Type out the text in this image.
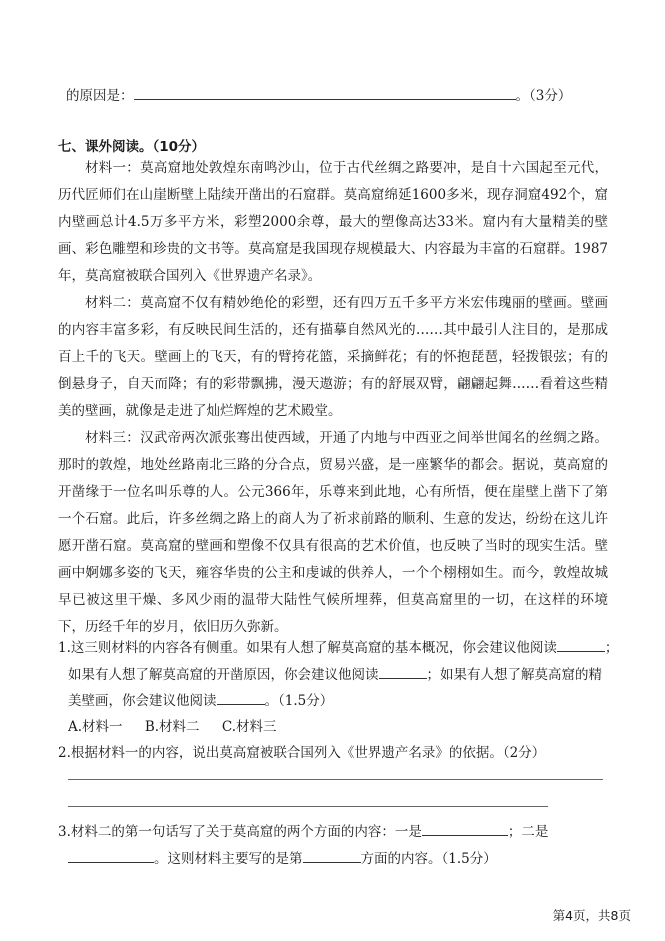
的原因是：	。（3分）
七、课外阅读。（10分）

材料一：莫高窟地处敦煌东南鸣沙山，位于古代丝绸之路要冲，是自十六国起至元代，历代匠师们在山崖断壁上陆续开凿出的石窟群。莫高窟绵延1600多米，现存洞窟492个，窟内壁画总计4.5万多平方米，彩塑2000余尊，最大的塑像高达33米。窟内有大量精美的壁画、彩色雕塑和珍贵的文书等。莫高窟是我国现存规模最大、内容最为丰富的石窟群。1987年，莫高窟被联合国列入《世界遗产名录》。

材料二：莫高窟不仅有精妙绝伦的彩塑，还有四万五千多平方米宏伟瑰丽的壁画。壁画的内容丰富多彩，有反映民间生活的，还有描摹自然风光的……其中最引人注目的，是那成百上千的飞天。壁画上的飞天，有的臂挎花篮，采摘鲜花；有的怀抱琵琶，轻拨银弦；有的倒悬身子，自天而降；有的彩带飘拂，漫天遨游；有的舒展双臂，翩翩起舞……看着这些精美的壁画，就像是走进了灿烂辉煌的艺术殿堂。

材料三：汉武帝两次派张骞出使西域，开通了内地与中西亚之间举世闻名的丝绸之路。那时的敦煌，地处丝路南北三路的分合点，贸易兴盛，是一座繁华的都会。据说，莫高窟的开凿缘于一位名叫乐尊的人。公元366年，乐尊来到此地，心有所悟，便在崖壁上凿下了第一个石窟。此后，许多丝绸之路上的商人为了祈求前路的顺利、生意的发达，纷纷在这儿许愿开凿石窟。莫高窟的壁画和塑像不仅具有很高的艺术价值，也反映了当时的现实生活。壁画中婀娜多姿的飞天，雍容华贵的公主和虔诚的供养人，一个个栩栩如生。而今，敦煌故城早已被这里干燥、多风少雨的温带大陆性气候所埋葬，但莫高窟里的一切，在这样的环境下，历经千年的岁月，依旧历久弥新。

1.这三则材料的内容各有侧重。如果有人想了解莫高窟的基本概况，你会建议他阅读	；
如果有人想了解莫高窟的开凿原因，你会建议他阅读	；如果有人想了解莫高窟的精
美壁画，你会建议他阅读	。（1.5分）
A.材料一 B.材料二 C.材料三
2.根据材料一的内容，说出莫高窟被联合国列入《世界遗产名录》的依据。（2分）
3.材料二的第一句话写了关于莫高窟的两个方面的内容：一是	；二是
。这则材料主要写的是第	方面的内容。（1.5分）
第4页，共8页
